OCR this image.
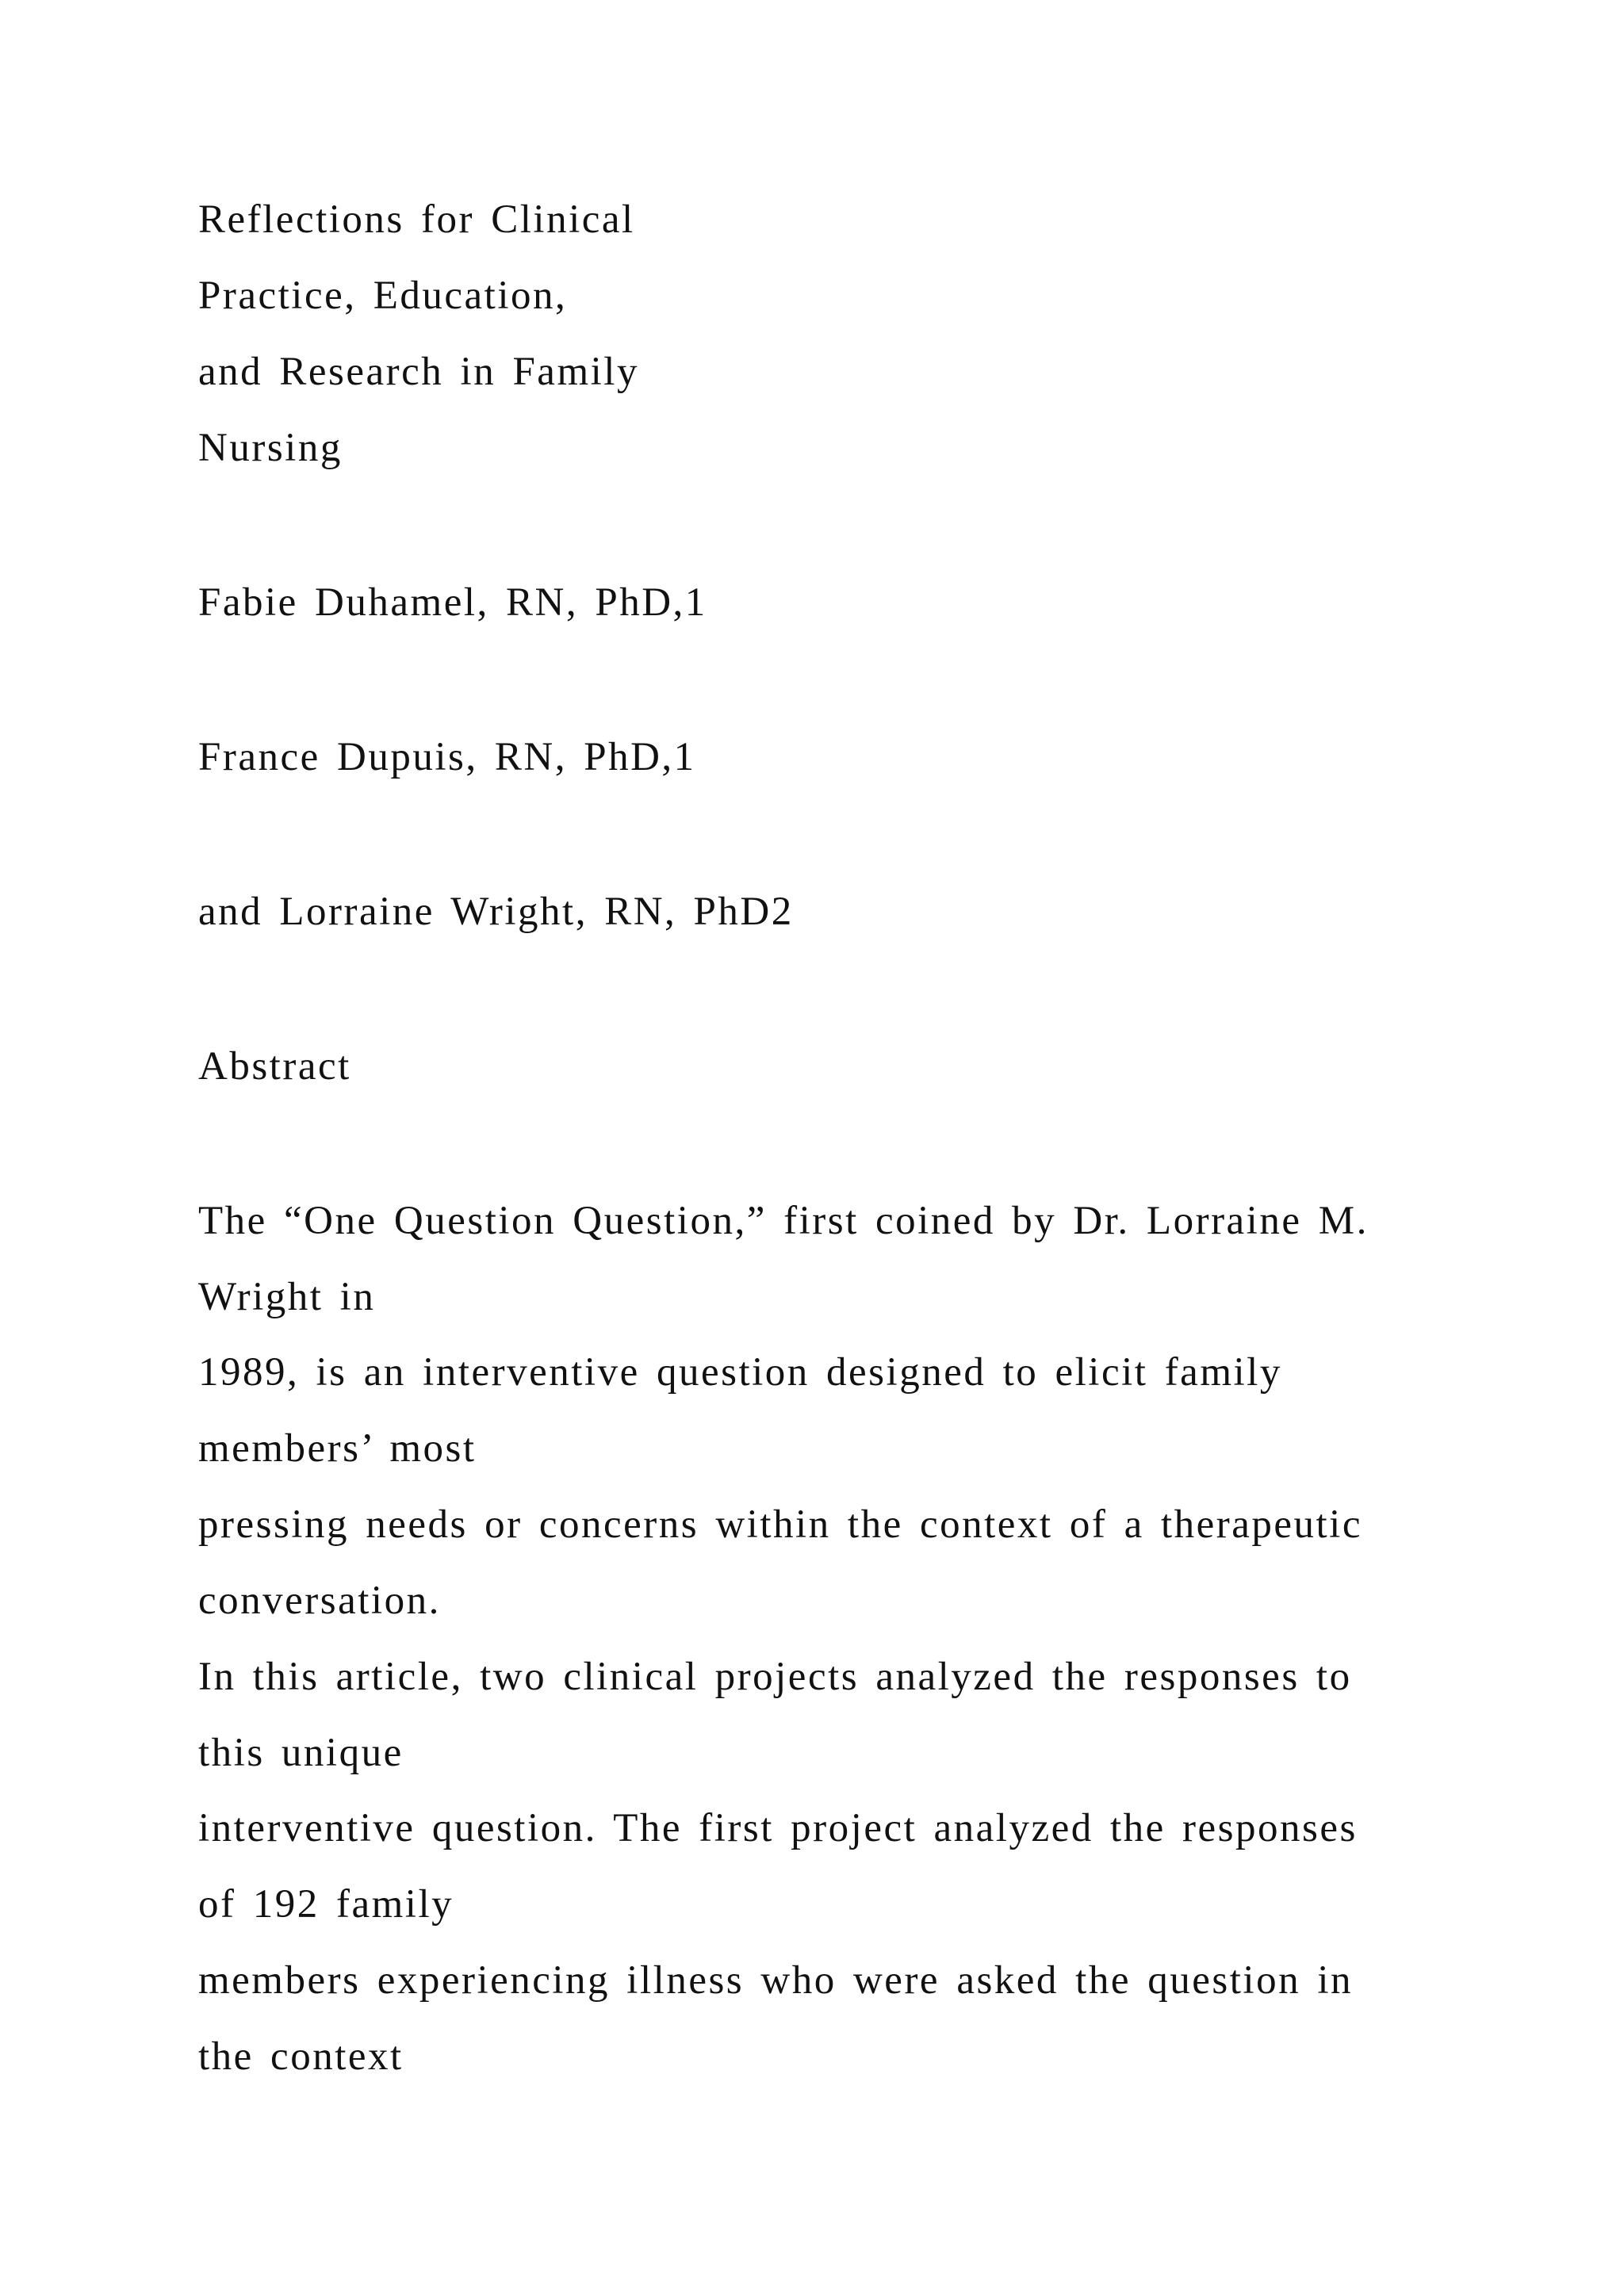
Reflections for Clinical
Practice, Education,
and Research in Family
Nursing
Fabie Duhamel, RN, PhD,1
France Dupuis, RN, PhD,1
and Lorraine Wright, RN, PhD2
Abstract
The “One Question Question,” first coined by Dr. Lorraine M.
Wright in
1989, is an interventive question designed to elicit family
members’ most
pressing needs or concerns within the context of a therapeutic
conversation.
In this article, two clinical projects analyzed the responses to
this unique
interventive question. The first project analyzed the responses
of 192 family
members experiencing illness who were asked the question in
the context
